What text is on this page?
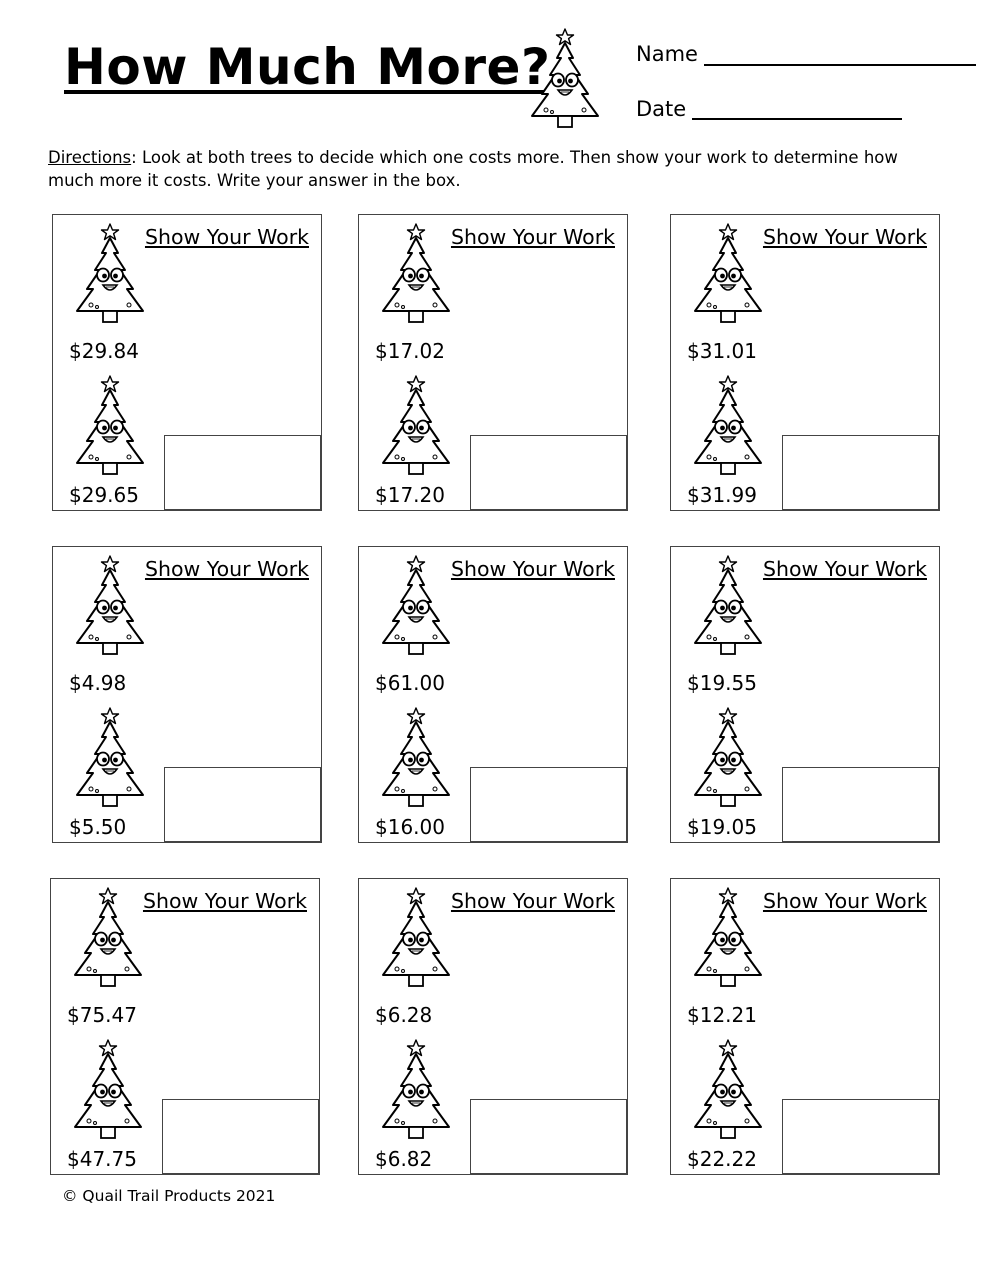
How Much More?	Name
Date
Directions: Look at both trees to decide which one costs more. Then show your work to determine how much more it costs. Write your answer in the box.
Show Your Work
$29.84
$29.65
Show Your Work
$17.02
$17.20
Show Your Work
$31.01
$31.99
Show Your Work
$4.98
$5.50
Show Your Work
$61.00
$16.00
Show Your Work
$19.55
$19.05
Show Your Work
$75.47
$47.75
Show Your Work
$6.28
$6.82
Show Your Work
$12.21
$22.22
© Quail Trail Products 2021
